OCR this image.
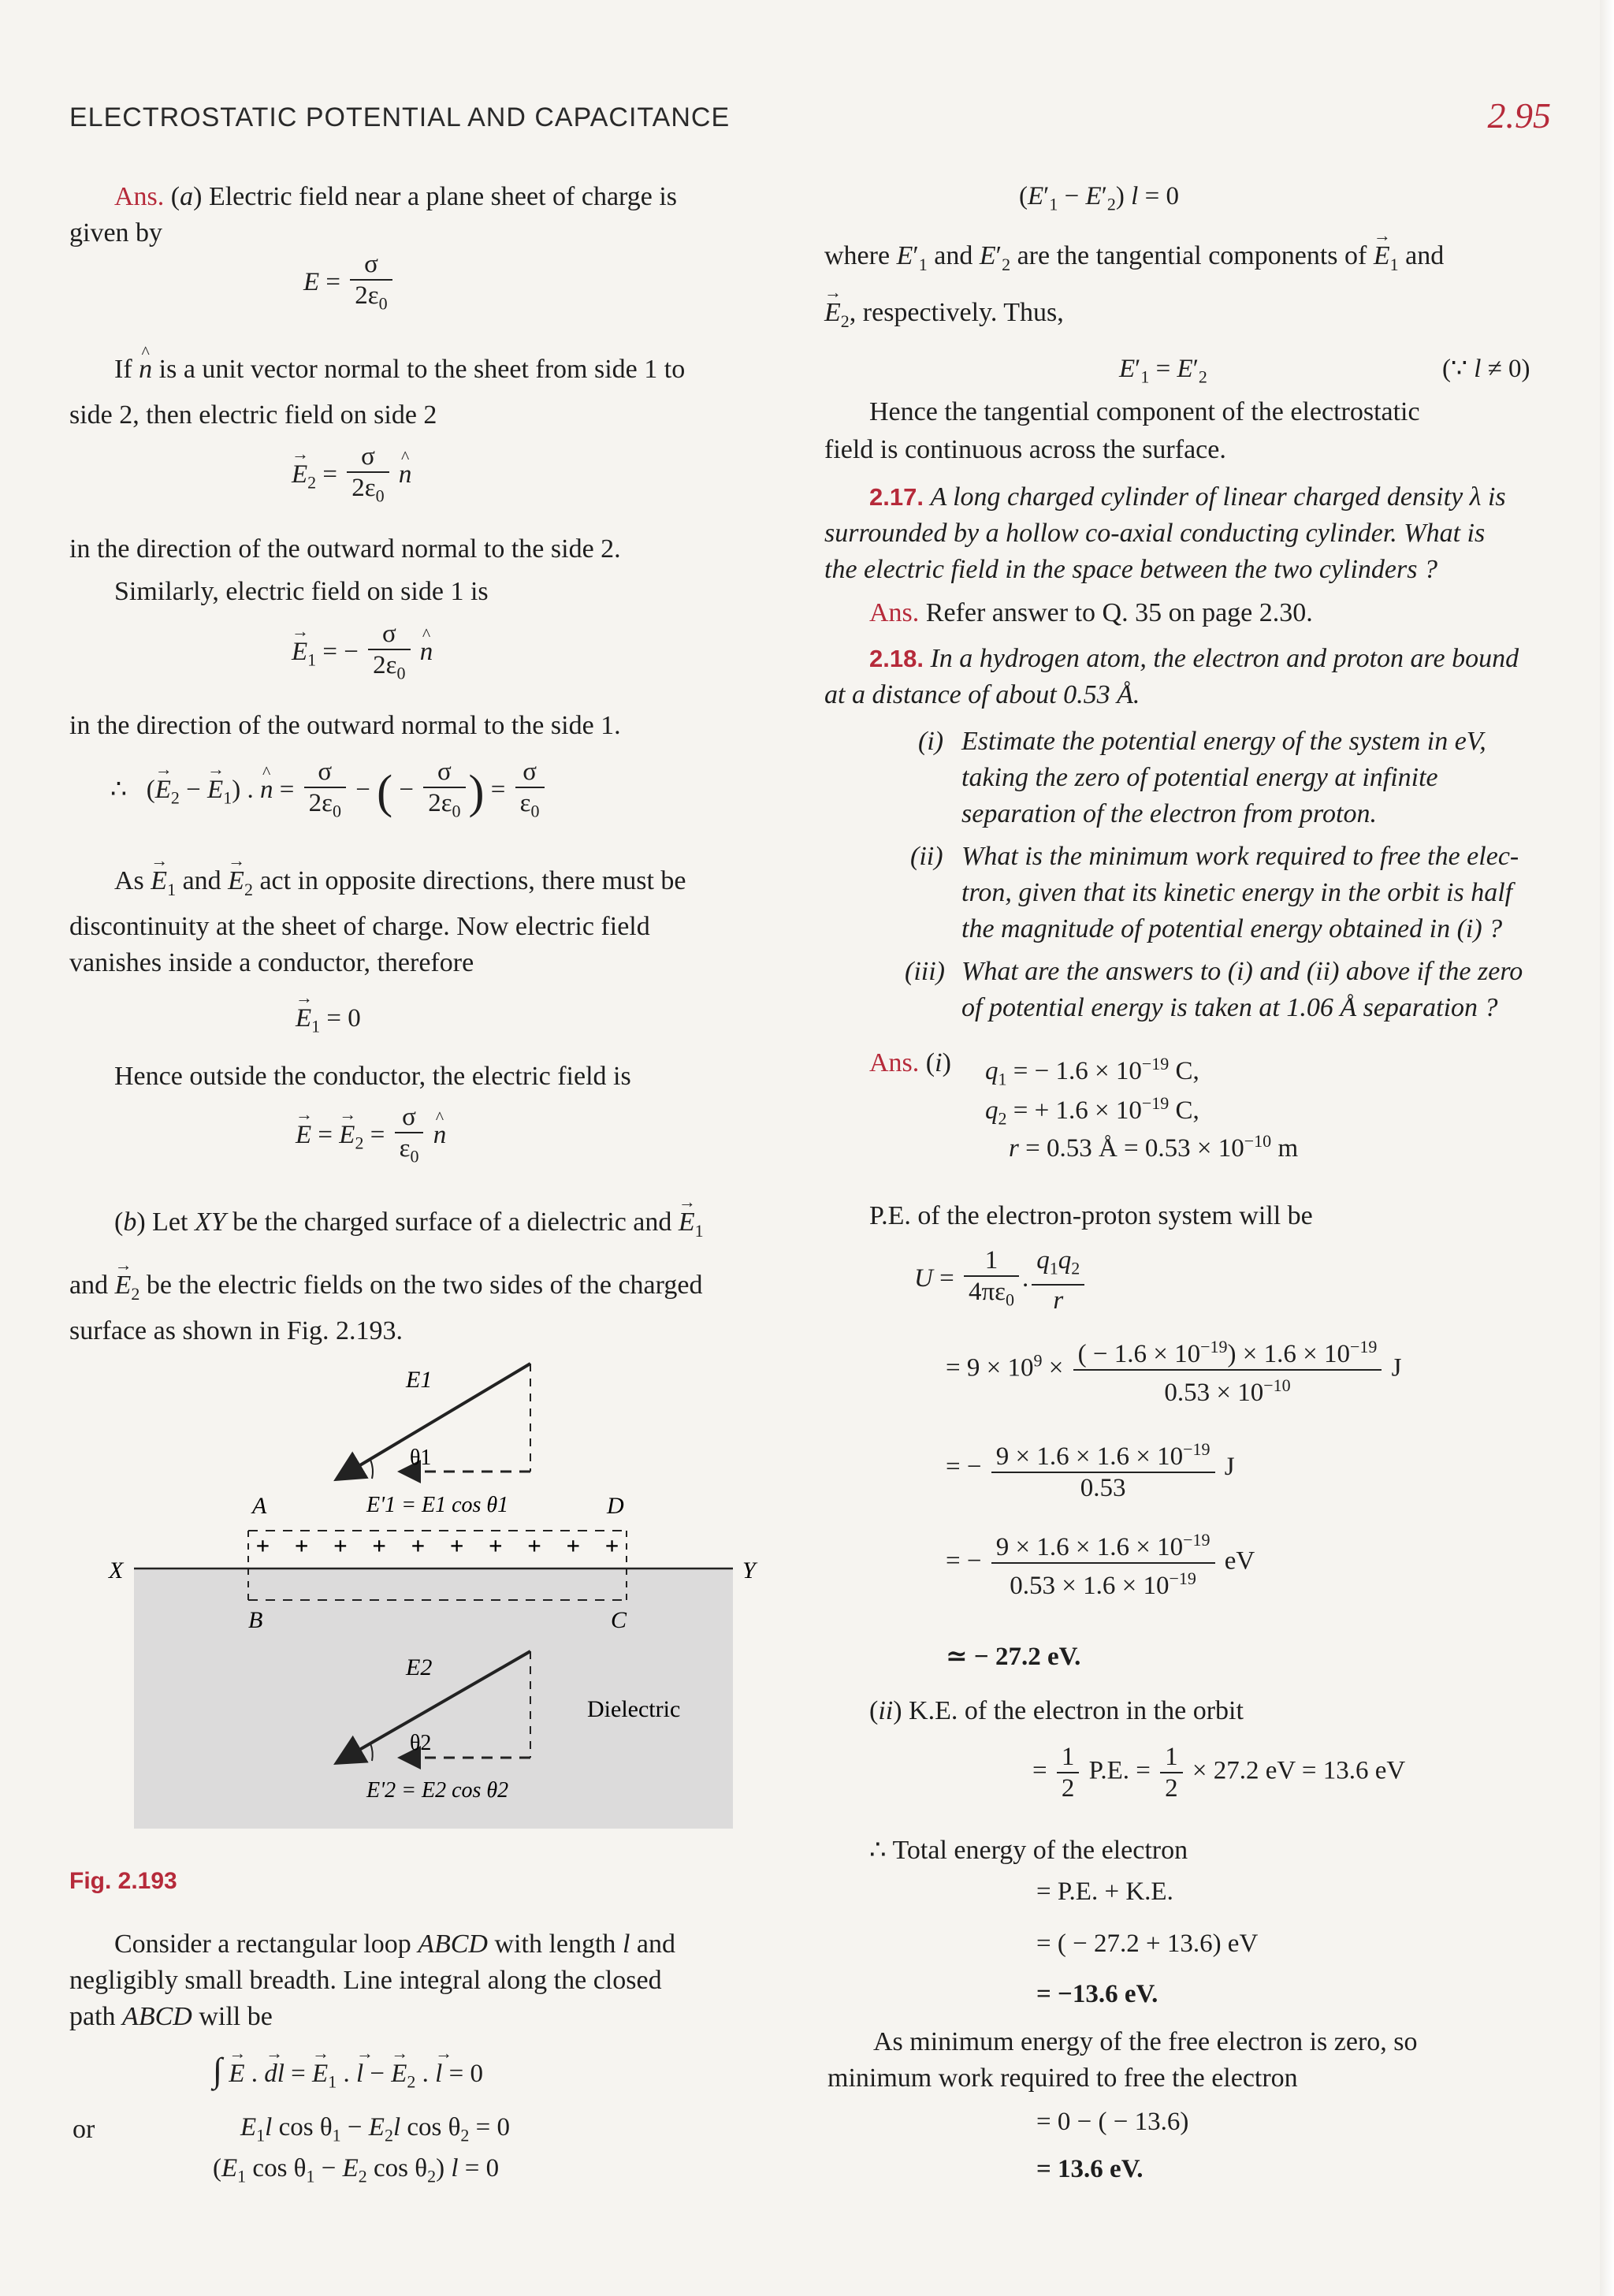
ELECTROSTATIC POTENTIAL AND CAPACITANCE	2.95
Ans. (a) Electric field near a plane sheet of charge is
given by
$E = \frac{\sigma}{2\varepsilon_0}$
If ^ n is a unit vector normal to the sheet from side 1 to
side 2, then electric field on side 2
→ $E_2 = \frac{\sigma}{2\varepsilon_0}$ ^ n
in the direction of the outward normal to the side 2.
Similarly, electric field on side 1 is
→ $E_1$ = − $\frac{\sigma}{2\varepsilon_0}$ ^ n
in the direction of the outward normal to the side 1.
∴   (→ $E_2$ − → $E_1$) . ^ $n = \frac{\sigma}{2\varepsilon_0}$ − ( − $\frac{\sigma}{2\varepsilon_0}$ ) = $\frac{\sigma}{\varepsilon_0}$
$As \to E_1$ and → $E_2$ act in opposite directions, there must be
discontinuity at the sheet of charge. Now electric field
vanishes inside a conductor, therefore
→ $E_1 = 0$
Hence outside the conductor, the electric field is
→ E = → $E_2 = \frac{\sigma}{\varepsilon_0}$ ^ n
(b) Let XY be the charged surface of a dielectric and → $E_1$
and → $E_2$ be the electric fields on the two sides of the charged
surface as shown in Fig. 2.193.
E1
θ1
A	D
E'1 = E1 cos θ1
+ + + + + + + + + +
X	Y
B	C
E2
θ2
Dielectric
E'2 = E2 cos θ2
Fig. 2.193
Consider a rectangular loop ABCD with length l and
negligibly small breadth. Line integral along the closed
path ABCD will be
∫ → E . → dl = → $E_1$ . → l − → $E_2$ . → l = 0
or	$E_1l$ $\cos \theta_1 - E_2l$ $\cos \theta_2 = 0$
($E_1$ $\cos \theta_1 - E_2$ $\cos \theta_2$) l = 0
$(E'_1 - E'_2) l = 0$
where $E'_1$ and $E'_2$ are the tangential components of → $E_1$ and
→ $E_2$, respectively. Thus,
$E'_1 = E'_2$	(∵ l ≠ 0)
Hence the tangential component of the electrostatic
field is continuous across the surface.
2.17. A long charged cylinder of linear charged density λ is
surrounded by a hollow co-axial conducting cylinder. What is
the electric field in the space between the two cylinders ?
Ans. Refer answer to Q. 35 on page 2.30.
2.18. In a hydrogen atom, the electron and proton are bound
at a distance of about 0.53 Å.
(i) Estimate the potential energy of the system in eV,
taking the zero of potential energy at infinite
separation of the electron from proton.
(ii) What is the minimum work required to free the elec-
tron, given that its kinetic energy in the orbit is half
the magnitude of potential energy obtained in (i) ?
(iii) What are the answers to (i) and (ii) above if the zero
of potential energy is taken at 1.06 Å separation ?
Ans. (i) $q_1$ = − $1.6 \times 10^{-19}$ C,
$q_2$ = + $1.6 \times 10^{-19}$ C,
r = 0.53 Å = $0.53 \times 10^{-10}$ m
P.E. of the electron-proton system will be
$U = \frac{1}{4\pi\varepsilon_0}$ . $\frac{q_1q_2}{r}$
= $9 \times 10^9 \times \frac{( - 1.6 \times 10^{-19}) \times 1.6 \times 10^{-19}}{0.53 \times 10^{-10}}$ J
= − $\frac{9 \times 1.6 \times 1.6 \times 10^{-19}}{0.53}$ J
= − $\frac{9 \times 1.6 \times 1.6 \times 10^{-19}}{0.53 \times 1.6 \times 10^{-19}}$ eV
≃ − 27.2 eV.
(ii) K.E. of the electron in the orbit
= $\frac{1}{2} P.E$. = $\frac{1}{2} \times 27.2$ eV = 13.6 eV
∴ Total energy of the electron
= P.E. + K.E.
= ( − 27.2 + 13.6) eV
= −13.6 eV.
As minimum energy of the free electron is zero, so
minimum work required to free the electron
= 0 − ( − 13.6)
= 13.6 eV.
